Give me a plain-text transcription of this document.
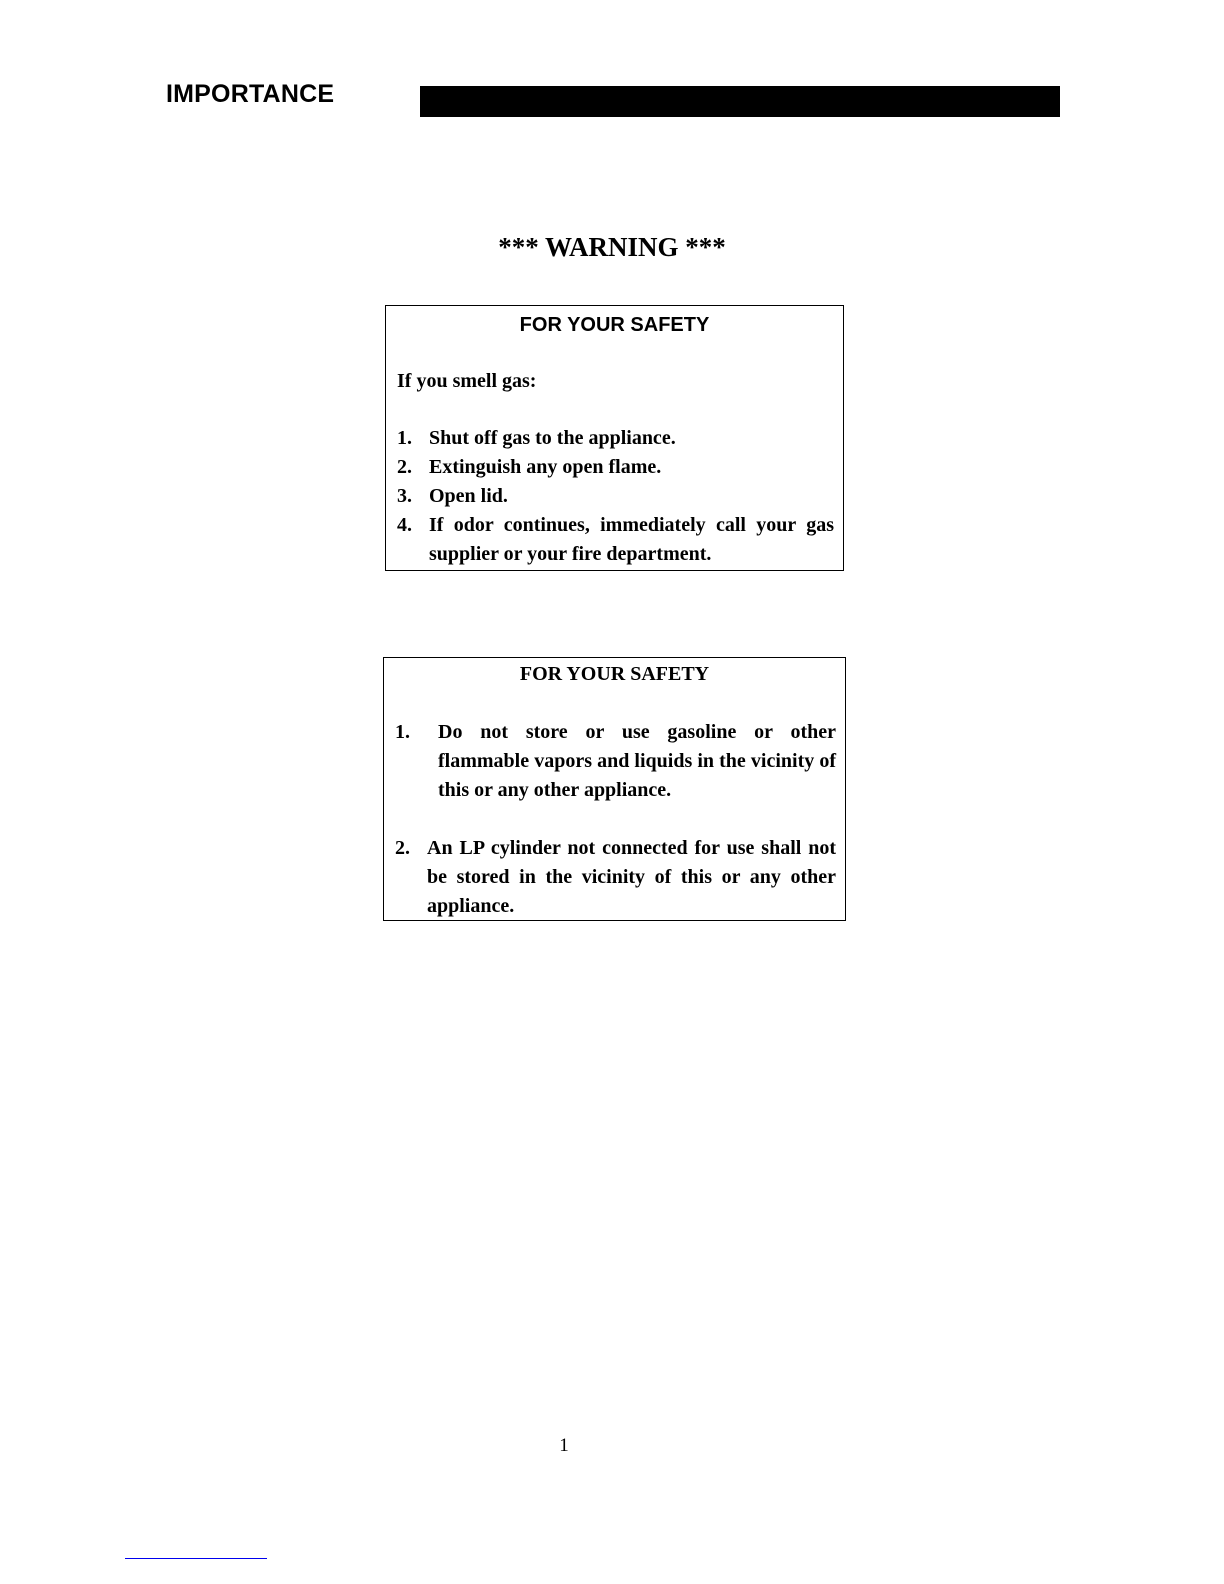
IMPORTANCE
*** WARNING ***
FOR YOUR SAFETY
If you smell gas:
1. Shut off gas to the appliance.
2. Extinguish any open flame.
3. Open lid.
4. If odor continues, immediately call your gas supplier or your fire department.
FOR YOUR SAFETY
1.	Do not store or use gasoline or other flammable vapors and liquids in the vicinity of this or any other appliance.
2. An LP cylinder not connected for use shall not be stored in the vicinity of this or any other appliance.
1
